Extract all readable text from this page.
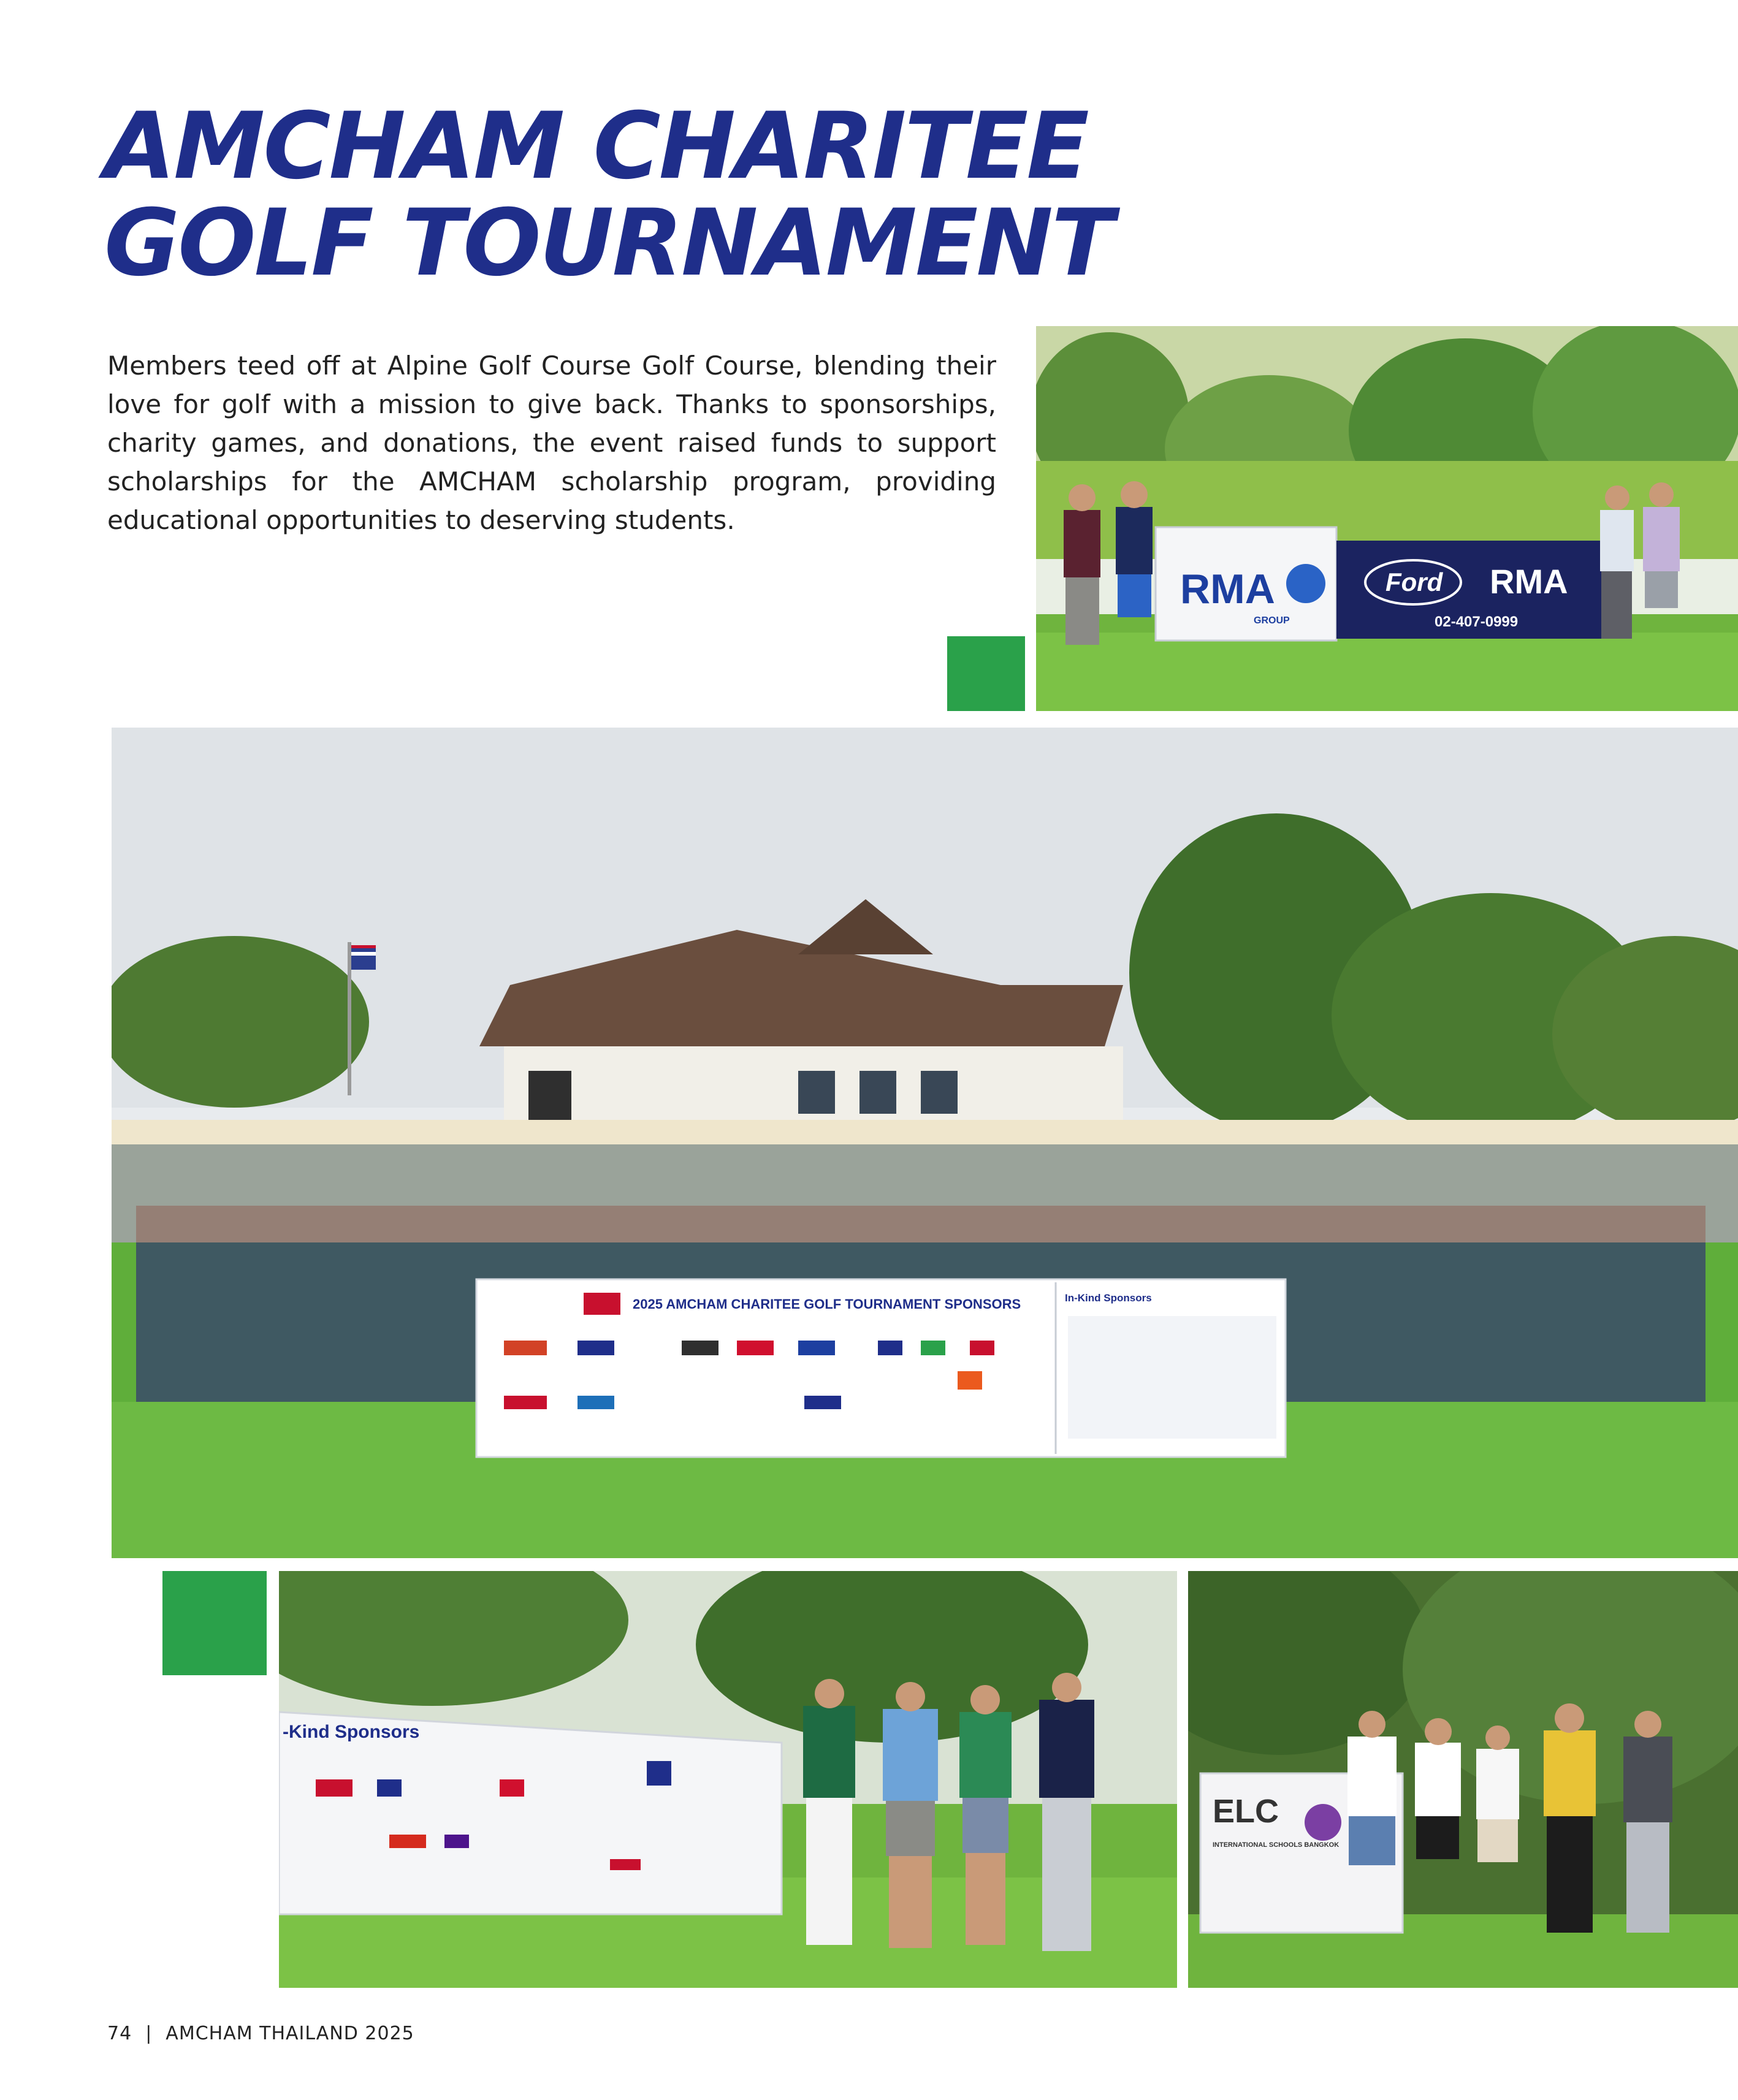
AMCHAM CHARITEE
GOLF TOURNAMENT

Members teed off at Alpine Golf Course Golf Course, blending their love for golf with a mission to give back. Thanks to sponsorships, charity games, and donations, the event raised funds to support scholarships for the AMCHAM scholarship program, providing educational opportunities to deserving students.

RMA
GROUP
Ford RMA
02-407-0999
2025 AMCHAM CHARITEE GOLF TOURNAMENT SPONSORS	In-Kind Sponsors
-Kind Sponsors
ELC
INTERNATIONAL SCHOOLS BANGKOK
74 | AMCHAM THAILAND 2025
